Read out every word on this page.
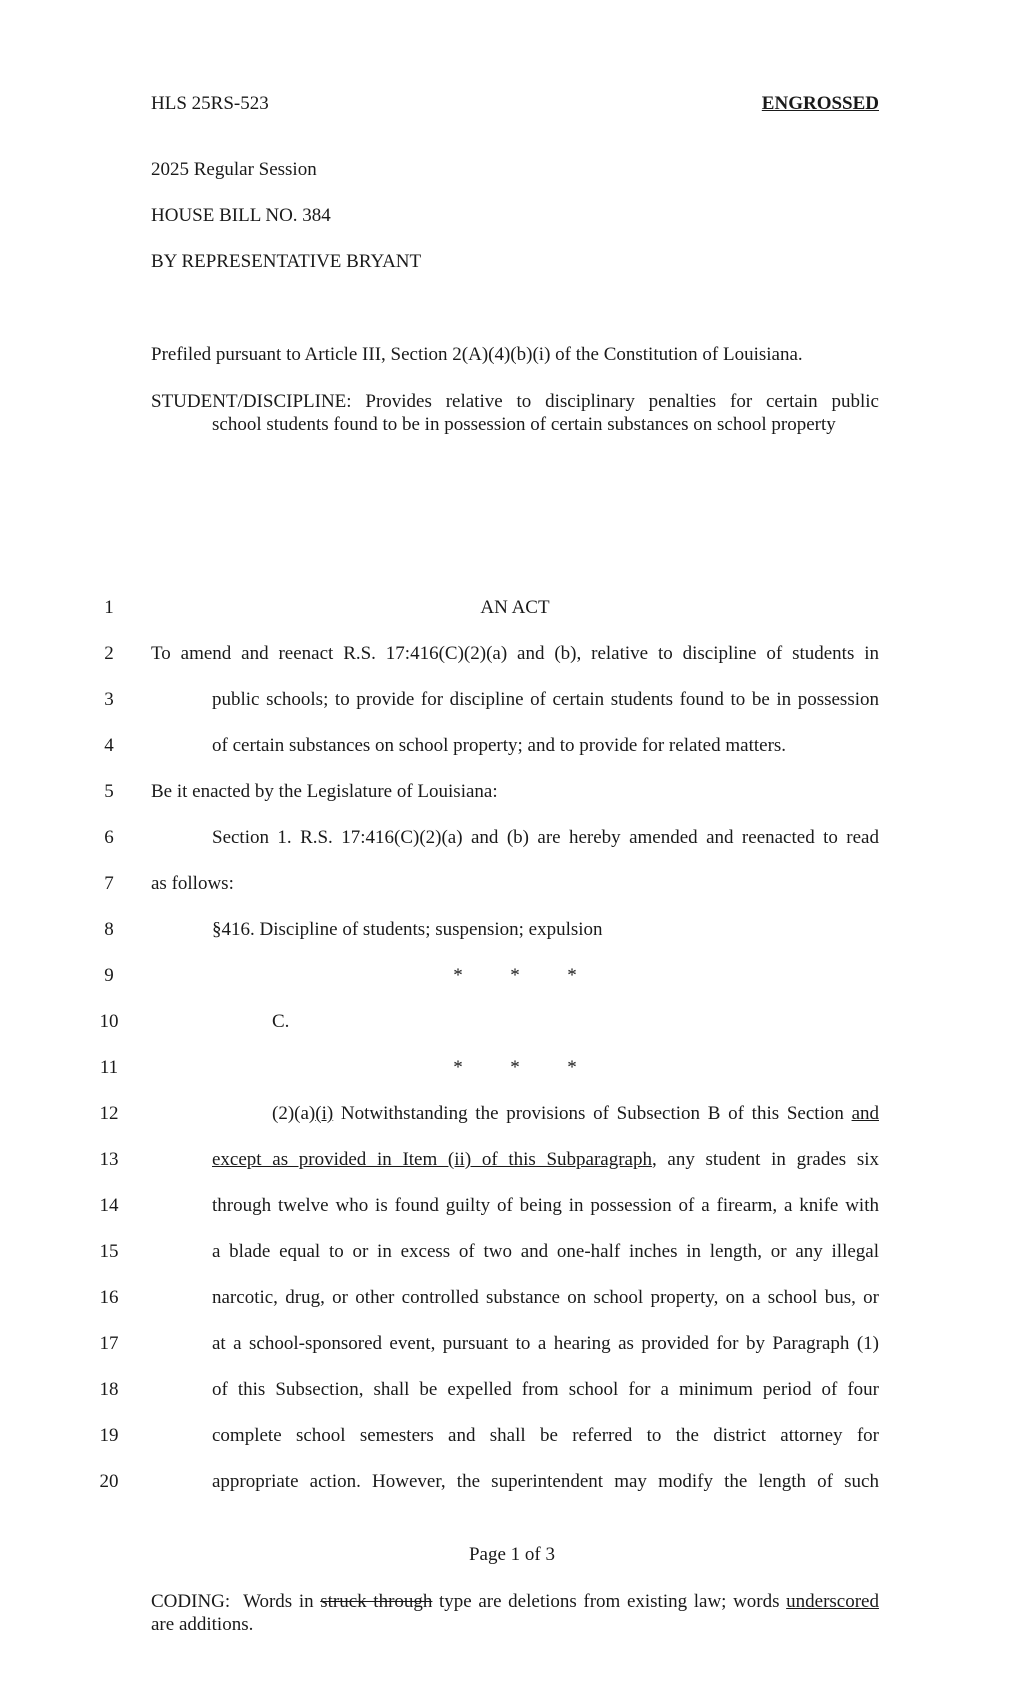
HLS 25RS-523	ENGROSSED
2025 Regular Session
HOUSE BILL NO. 384
BY REPRESENTATIVE BRYANT
Prefiled pursuant to Article III, Section 2(A)(4)(b)(i) of the Constitution of Louisiana.
STUDENT/DISCIPLINE: Provides relative to disciplinary penalties for certain public
school students found to be in possession of certain substances on school property
1	AN ACT
2	To amend and reenact R.S. 17:416(C)(2)(a) and (b), relative to discipline of students in
3	public schools; to provide for discipline of certain students found to be in possession
4	of certain substances on school property; and to provide for related matters.
5	Be it enacted by the Legislature of Louisiana:
6	Section 1. R.S. 17:416(C)(2)(a) and (b) are hereby amended and reenacted to read
7	as follows:
8	§416. Discipline of students; suspension; expulsion
9	*          *          *
10	C.
11	*          *          *
12	(2)(a)(i) Notwithstanding the provisions of Subsection B of this Section and
13	except as provided in Item (ii) of this Subparagraph, any student in grades six
14	through twelve who is found guilty of being in possession of a firearm, a knife with
15	a blade equal to or in excess of two and one-half inches in length, or any illegal
16	narcotic, drug, or other controlled substance on school property, on a school bus, or
17	at a school-sponsored event, pursuant to a hearing as provided for by Paragraph (1)
18	of this Subsection, shall be expelled from school for a minimum period of four
19	complete school semesters and shall be referred to the district attorney for
20	appropriate action. However, the superintendent may modify the length of such
Page 1 of 3
CODING:  Words in struck through type are deletions from existing law; words underscored
are additions.
